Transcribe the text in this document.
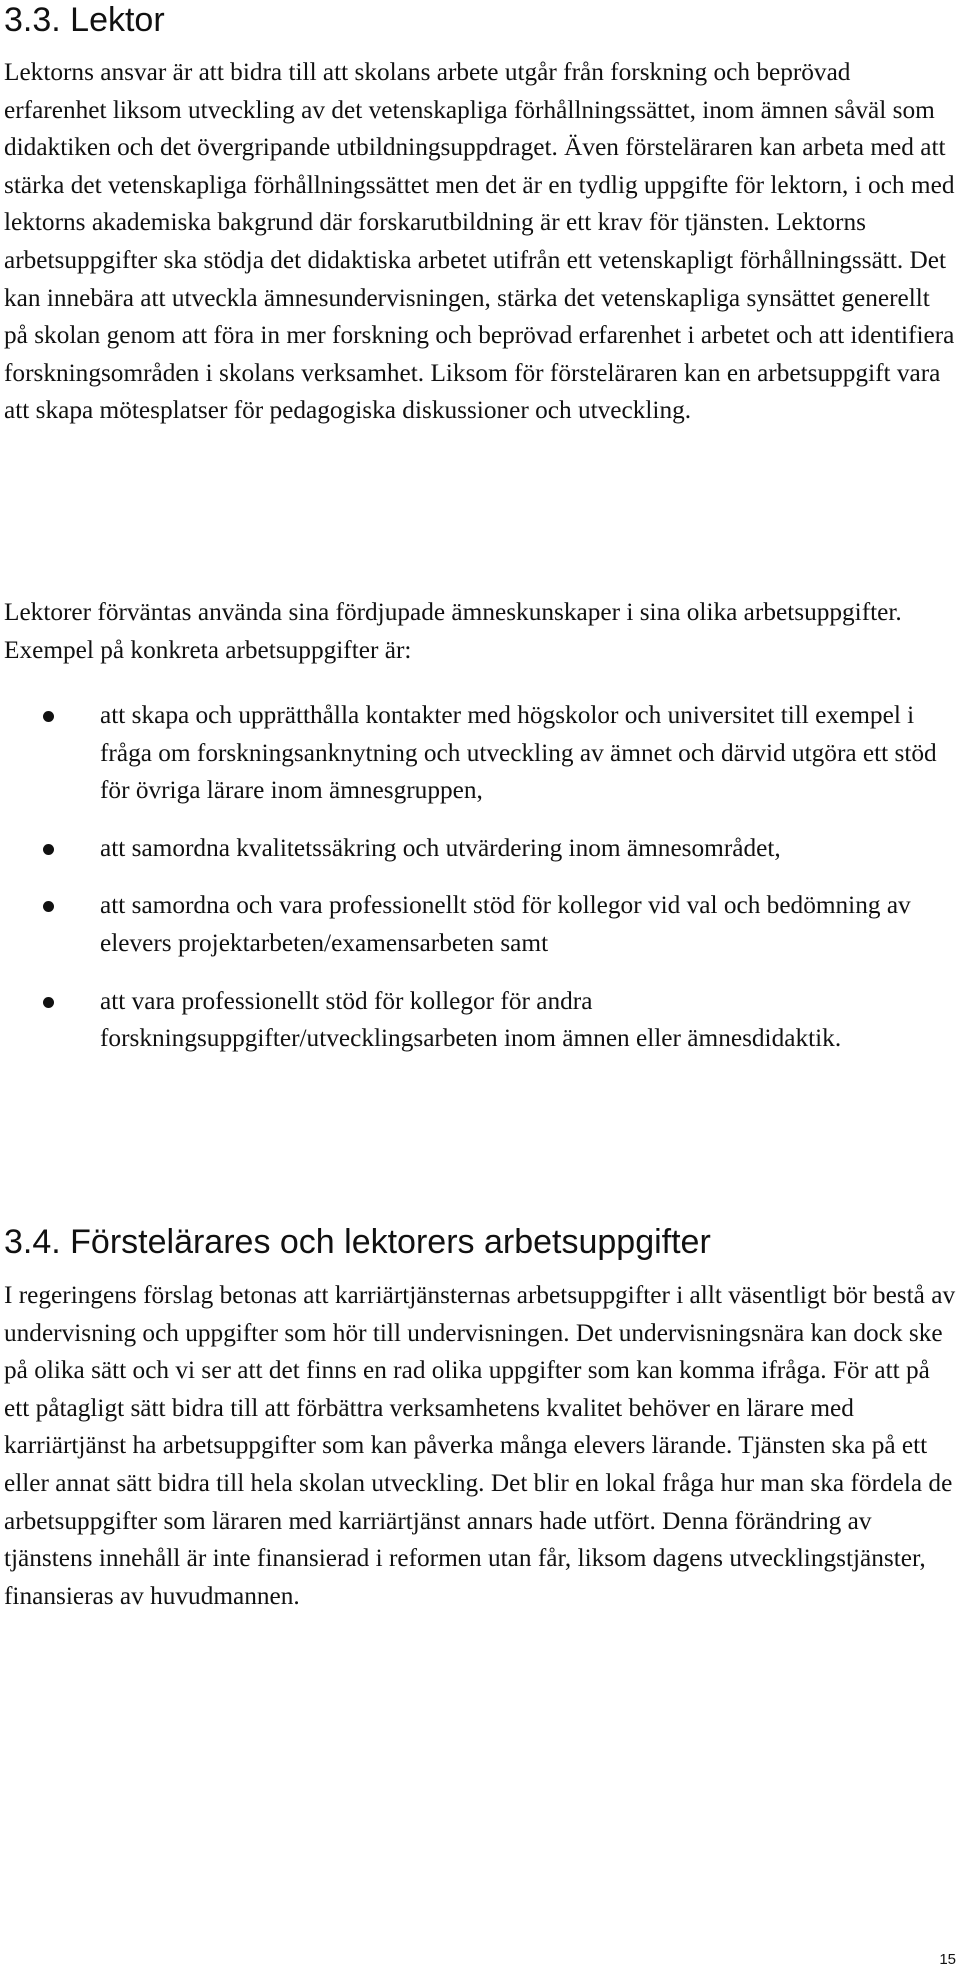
3.3. Lektor

Lektorns ansvar är att bidra till att skolans arbete utgår från forskning och beprövad erfarenhet liksom utveckling av det vetenskapliga förhållningssättet, inom ämnen såväl som didaktiken och det övergripande utbildningsuppdraget. Även försteläraren kan arbeta med att stärka det vetenskapliga förhållningssättet men det är en tydlig uppgifte för lektorn, i och med lektorns akademiska bakgrund där forskarutbildning är ett krav för tjänsten. Lektorns arbetsuppgifter ska stödja det didaktiska arbetet utifrån ett vetenskapligt förhållningssätt. Det kan innebära att utveckla ämnesundervisningen, stärka det vetenskapliga synsättet generellt på skolan genom att föra in mer forskning och beprövad erfarenhet i arbetet och att identifiera forskningsområden i skolans verksamhet. Liksom för försteläraren kan en arbetsuppgift vara att skapa mötesplatser för pedagogiska diskussioner och utveckling.

Lektorer förväntas använda sina fördjupade ämneskunskaper i sina olika arbetsuppgifter. Exempel på konkreta arbetsuppgifter är:

att skapa och upprätthålla kontakter med högskolor och universitet till exempel i fråga om forskningsanknytning och utveckling av ämnet och därvid utgöra ett stöd för övriga lärare inom ämnesgruppen,
att samordna kvalitetssäkring och utvärdering inom ämnesområdet,
att samordna och vara professionellt stöd för kollegor vid val och bedömning av elevers projektarbeten/examensarbeten samt
att vara professionellt stöd för kollegor för andra forskningsuppgifter/utvecklingsarbeten inom ämnen eller ämnesdidaktik.
3.4. Förstelärares och lektorers arbetsuppgifter

I regeringens förslag betonas att karriärtjänsternas arbetsuppgifter i allt väsentligt bör bestå av undervisning och uppgifter som hör till undervisningen. Det undervisningsnära kan dock ske på olika sätt och vi ser att det finns en rad olika uppgifter som kan komma ifråga. För att på ett påtagligt sätt bidra till att förbättra verksamhetens kvalitet behöver en lärare med karriärtjänst ha arbetsuppgifter som kan påverka många elevers lärande. Tjänsten ska på ett eller annat sätt bidra till hela skolan utveckling. Det blir en lokal fråga hur man ska fördela de arbetsuppgifter som läraren med karriärtjänst annars hade utfört. Denna förändring av tjänstens innehåll är inte finansierad i reformen utan får, liksom dagens utvecklingstjänster, finansieras av huvudmannen.

15
